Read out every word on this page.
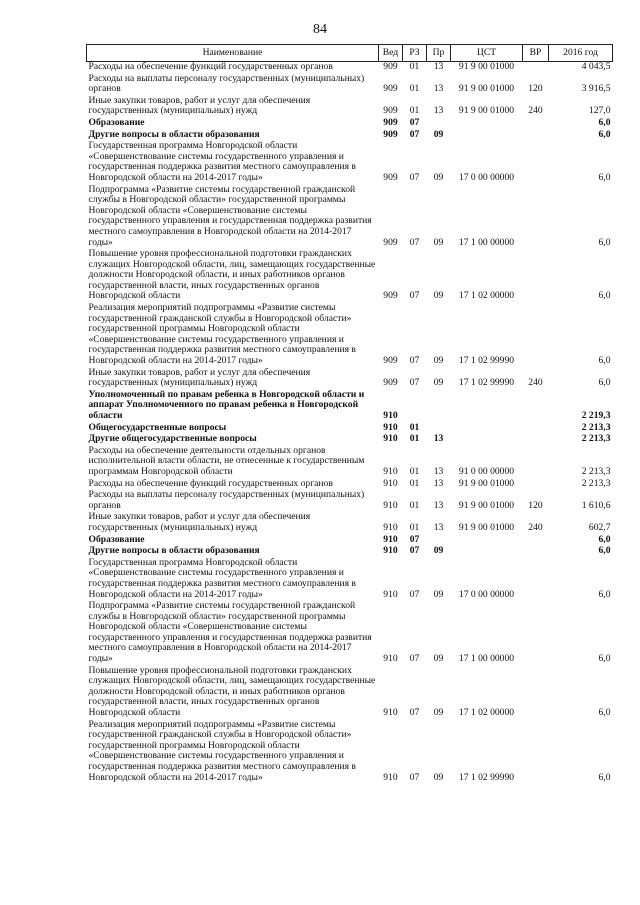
84
Наименование	Вед	РЗ	Пр	ЦСТ	ВР	2016 год
Расходы на обеспечение функций государственных органов	909	01	13	91 9 00 01000		4 043,5
Расходы на выплаты персоналу государственных (муниципальных) органов	909	01	13	91 9 00 01000	120	3 916,5
Иные закупки товаров, работ и услуг для обеспечения государственных (муниципальных) нужд	909	01	13	91 9 00 01000	240	127,0
Образование	909	07				6,0
Другие вопросы в области образования	909	07	09			6,0
Государственная программа Новгородской области «Совершенствование системы государственного управления и государственная поддержка развития местного самоуправления в Новгородской области на 2014-2017 годы»	909	07	09	17 0 00 00000		6,0
Подпрограмма «Развитие системы государственной гражданской службы в Новгородской области» государственной программы Новгородской области «Совершенствование системы государственного управления и государственная поддержка развития местного самоуправления в Новгородской области на 2014-2017 годы»	909	07	09	17 1 00 00000		6,0
Повышение уровня профессиональной подготовки гражданских служащих Новгородской области, лиц, замещающих государственные должности Новгородской области, и иных работников органов государственной власти, иных государственных органов Новгородской области	909	07	09	17 1 02 00000		6,0
Реализация мероприятий подпрограммы «Развитие системы государственной гражданской службы в Новгородской области» государственной программы Новгородской области «Совершенствование системы государственного управления и государственная поддержка развития местного самоуправления в Новгородской области на 2014-2017 годы»	909	07	09	17 1 02 99990		6,0
Иные закупки товаров, работ и услуг для обеспечения государственных (муниципальных) нужд	909	07	09	17 1 02 99990	240	6,0
Уполномоченный по правам ребенка в Новгородской области и аппарат Уполномоченного по правам ребенка в Новгородской области	910					2 219,3
Общегосударственные вопросы	910	01				2 213,3
Другие общегосударственные вопросы	910	01	13			2 213,3
Расходы на обеспечение деятельности отдельных органов исполнительной власти области, не отнесенные к государственным программам Новгородской области	910	01	13	91 0 00 00000		2 213,3
Расходы на обеспечение функций государственных органов	910	01	13	91 9 00 01000		2 213,3
Расходы на выплаты персоналу государственных (муниципальных) органов	910	01	13	91 9 00 01000	120	1 610,6
Иные закупки товаров, работ и услуг для обеспечения государственных (муниципальных) нужд	910	01	13	91 9 00 01000	240	602,7
Образование	910	07				6,0
Другие вопросы в области образования	910	07	09			6,0
Государственная программа Новгородской области «Совершенствование системы государственного управления и государственная поддержка развития местного самоуправления в Новгородской области на 2014-2017 годы»	910	07	09	17 0 00 00000		6,0
Подпрограмма «Развитие системы государственной гражданской службы в Новгородской области» государственной программы Новгородской области «Совершенствование системы государственного управления и государственная поддержка развития местного самоуправления в Новгородской области на 2014-2017 годы»	910	07	09	17 1 00 00000		6,0
Повышение уровня профессиональной подготовки гражданских служащих Новгородской области, лиц, замещающих государственные должности Новгородской области, и иных работников органов государственной власти, иных государственных органов Новгородской области	910	07	09	17 1 02 00000		6,0
Реализация мероприятий подпрограммы «Развитие системы государственной гражданской службы в Новгородской области» государственной программы Новгородской области «Совершенствование системы государственного управления и государственная поддержка развития местного самоуправления в Новгородской области на 2014-2017 годы»	910	07	09	17 1 02 99990		6,0
